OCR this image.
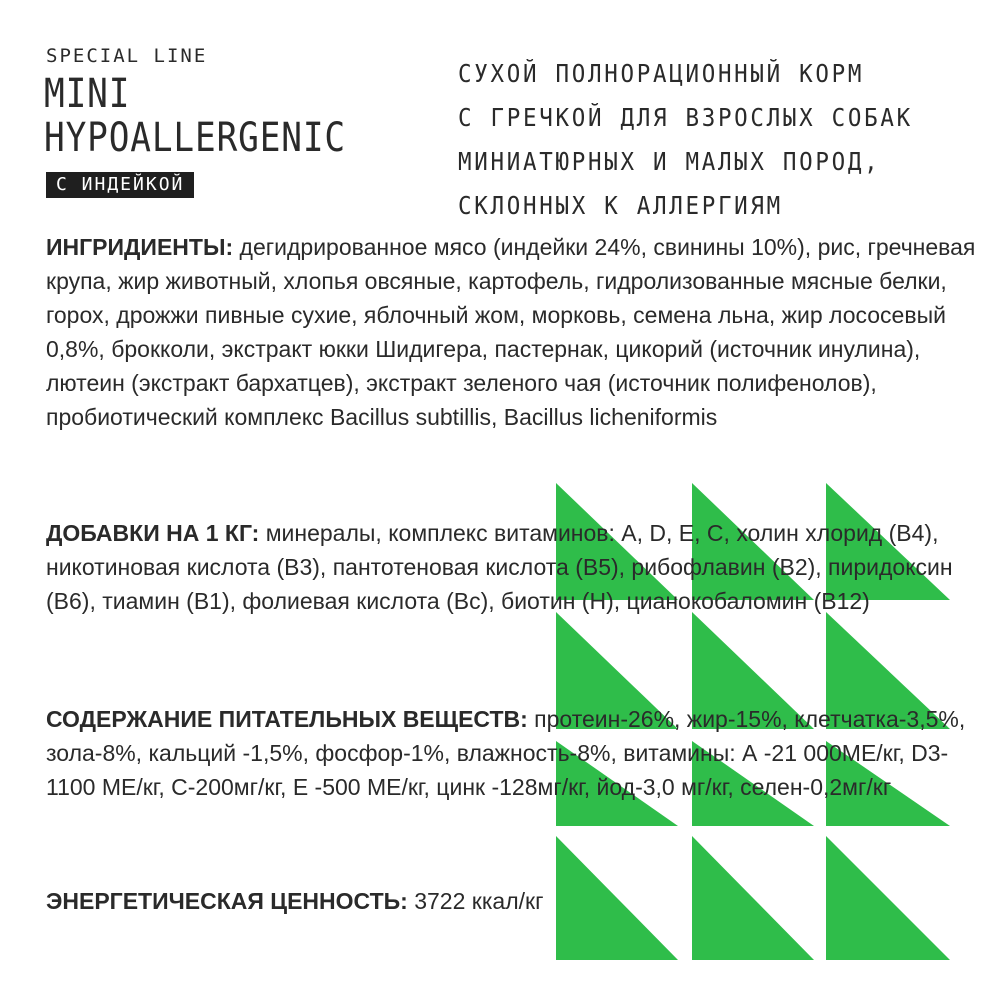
SPECIAL LINE
MINI
HYPOALLERGENIC
С ИНДЕЙКОЙ
СУХОЙ ПОЛНОРАЦИОННЫЙ КОРМ
С ГРЕЧКОЙ ДЛЯ ВЗРОСЛЫХ СОБАК
МИНИАТЮРНЫХ И МАЛЫХ ПОРОД,
СКЛОННЫХ К АЛЛЕРГИЯМ
ИНГРИДИЕНТЫ: дегидрированное мясо (индейки 24%, свинины 10%), рис, гречневая крупа, жир животный, хлопья овсяные, картофель, гидролизованные мясные белки, горох, дрожжи пивные сухие, яблочный жом, морковь, семена льна, жир лососевый 0,8%, брокколи, экстракт юкки Шидигера, пастернак, цикорий (источник инулина), лютеин (экстракт бархатцев), экстракт зеленого чая (источник полифенолов), пробиотический комплекс Bacillus subtillis, Bacillus licheniformis
ДОБАВКИ НА 1 КГ: минералы, комплекс витаминов: А, D, Е, С, холин хлорид (В4), никотиновая кислота (В3), пантотеновая кислота (В5), рибофлавин (В2), пиридоксин (В6), тиамин (В1), фолиевая кислота (Вс), биотин (Н), цианокобаломин (В12)
СОДЕРЖАНИЕ ПИТАТЕЛЬНЫХ ВЕЩЕСТВ: протеин-26%, жир-15%, клетчатка-3,5%, зола-8%, кальций -1,5%, фосфор-1%, влажность-8%, витамины: А -21 000МЕ/кг, D3-1100 МЕ/кг, С-200мг/кг, Е -500 МЕ/кг, цинк -128мг/кг, йод-3,0 мг/кг, селен-0,2мг/кг
ЭНЕРГЕТИЧЕСКАЯ ЦЕННОСТЬ: 3722 ккал/кг
